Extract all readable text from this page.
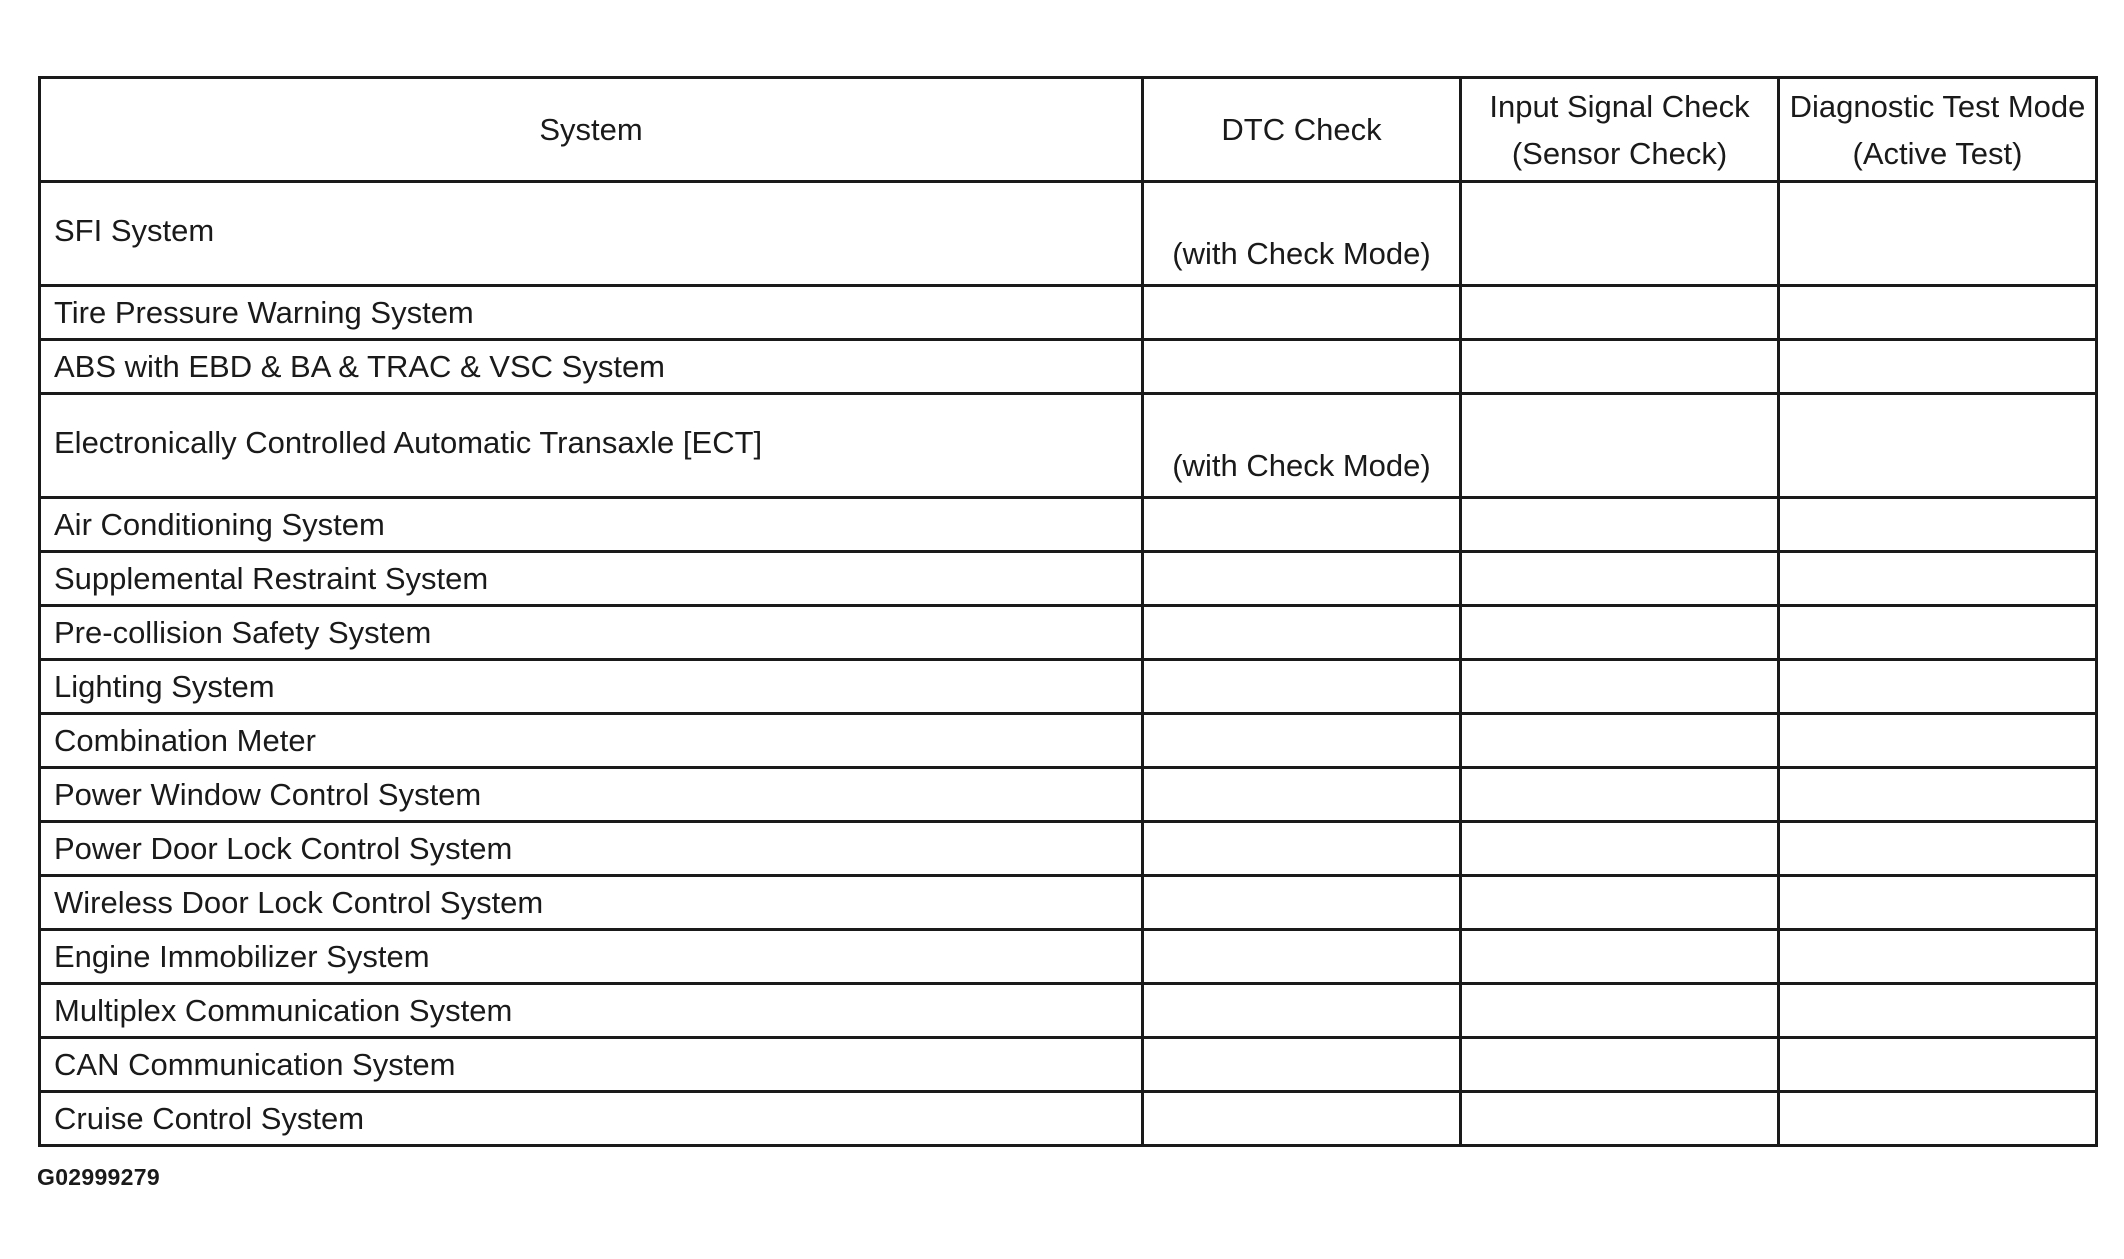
System	DTC Check	Input Signal Check (Sensor Check)	Diagnostic Test Mode (Active Test)
SFI System	(with Check Mode)		
Tire Pressure Warning System			
ABS with EBD & BA & TRAC & VSC System			
Electronically Controlled Automatic Transaxle [ECT]	(with Check Mode)		
Air Conditioning System			
Supplemental Restraint System			
Pre-collision Safety System			
Lighting System			
Combination Meter			
Power Window Control System			
Power Door Lock Control System			
Wireless Door Lock Control System			
Engine Immobilizer System			
Multiplex Communication System			
CAN Communication System			
Cruise Control System			
G02999279
